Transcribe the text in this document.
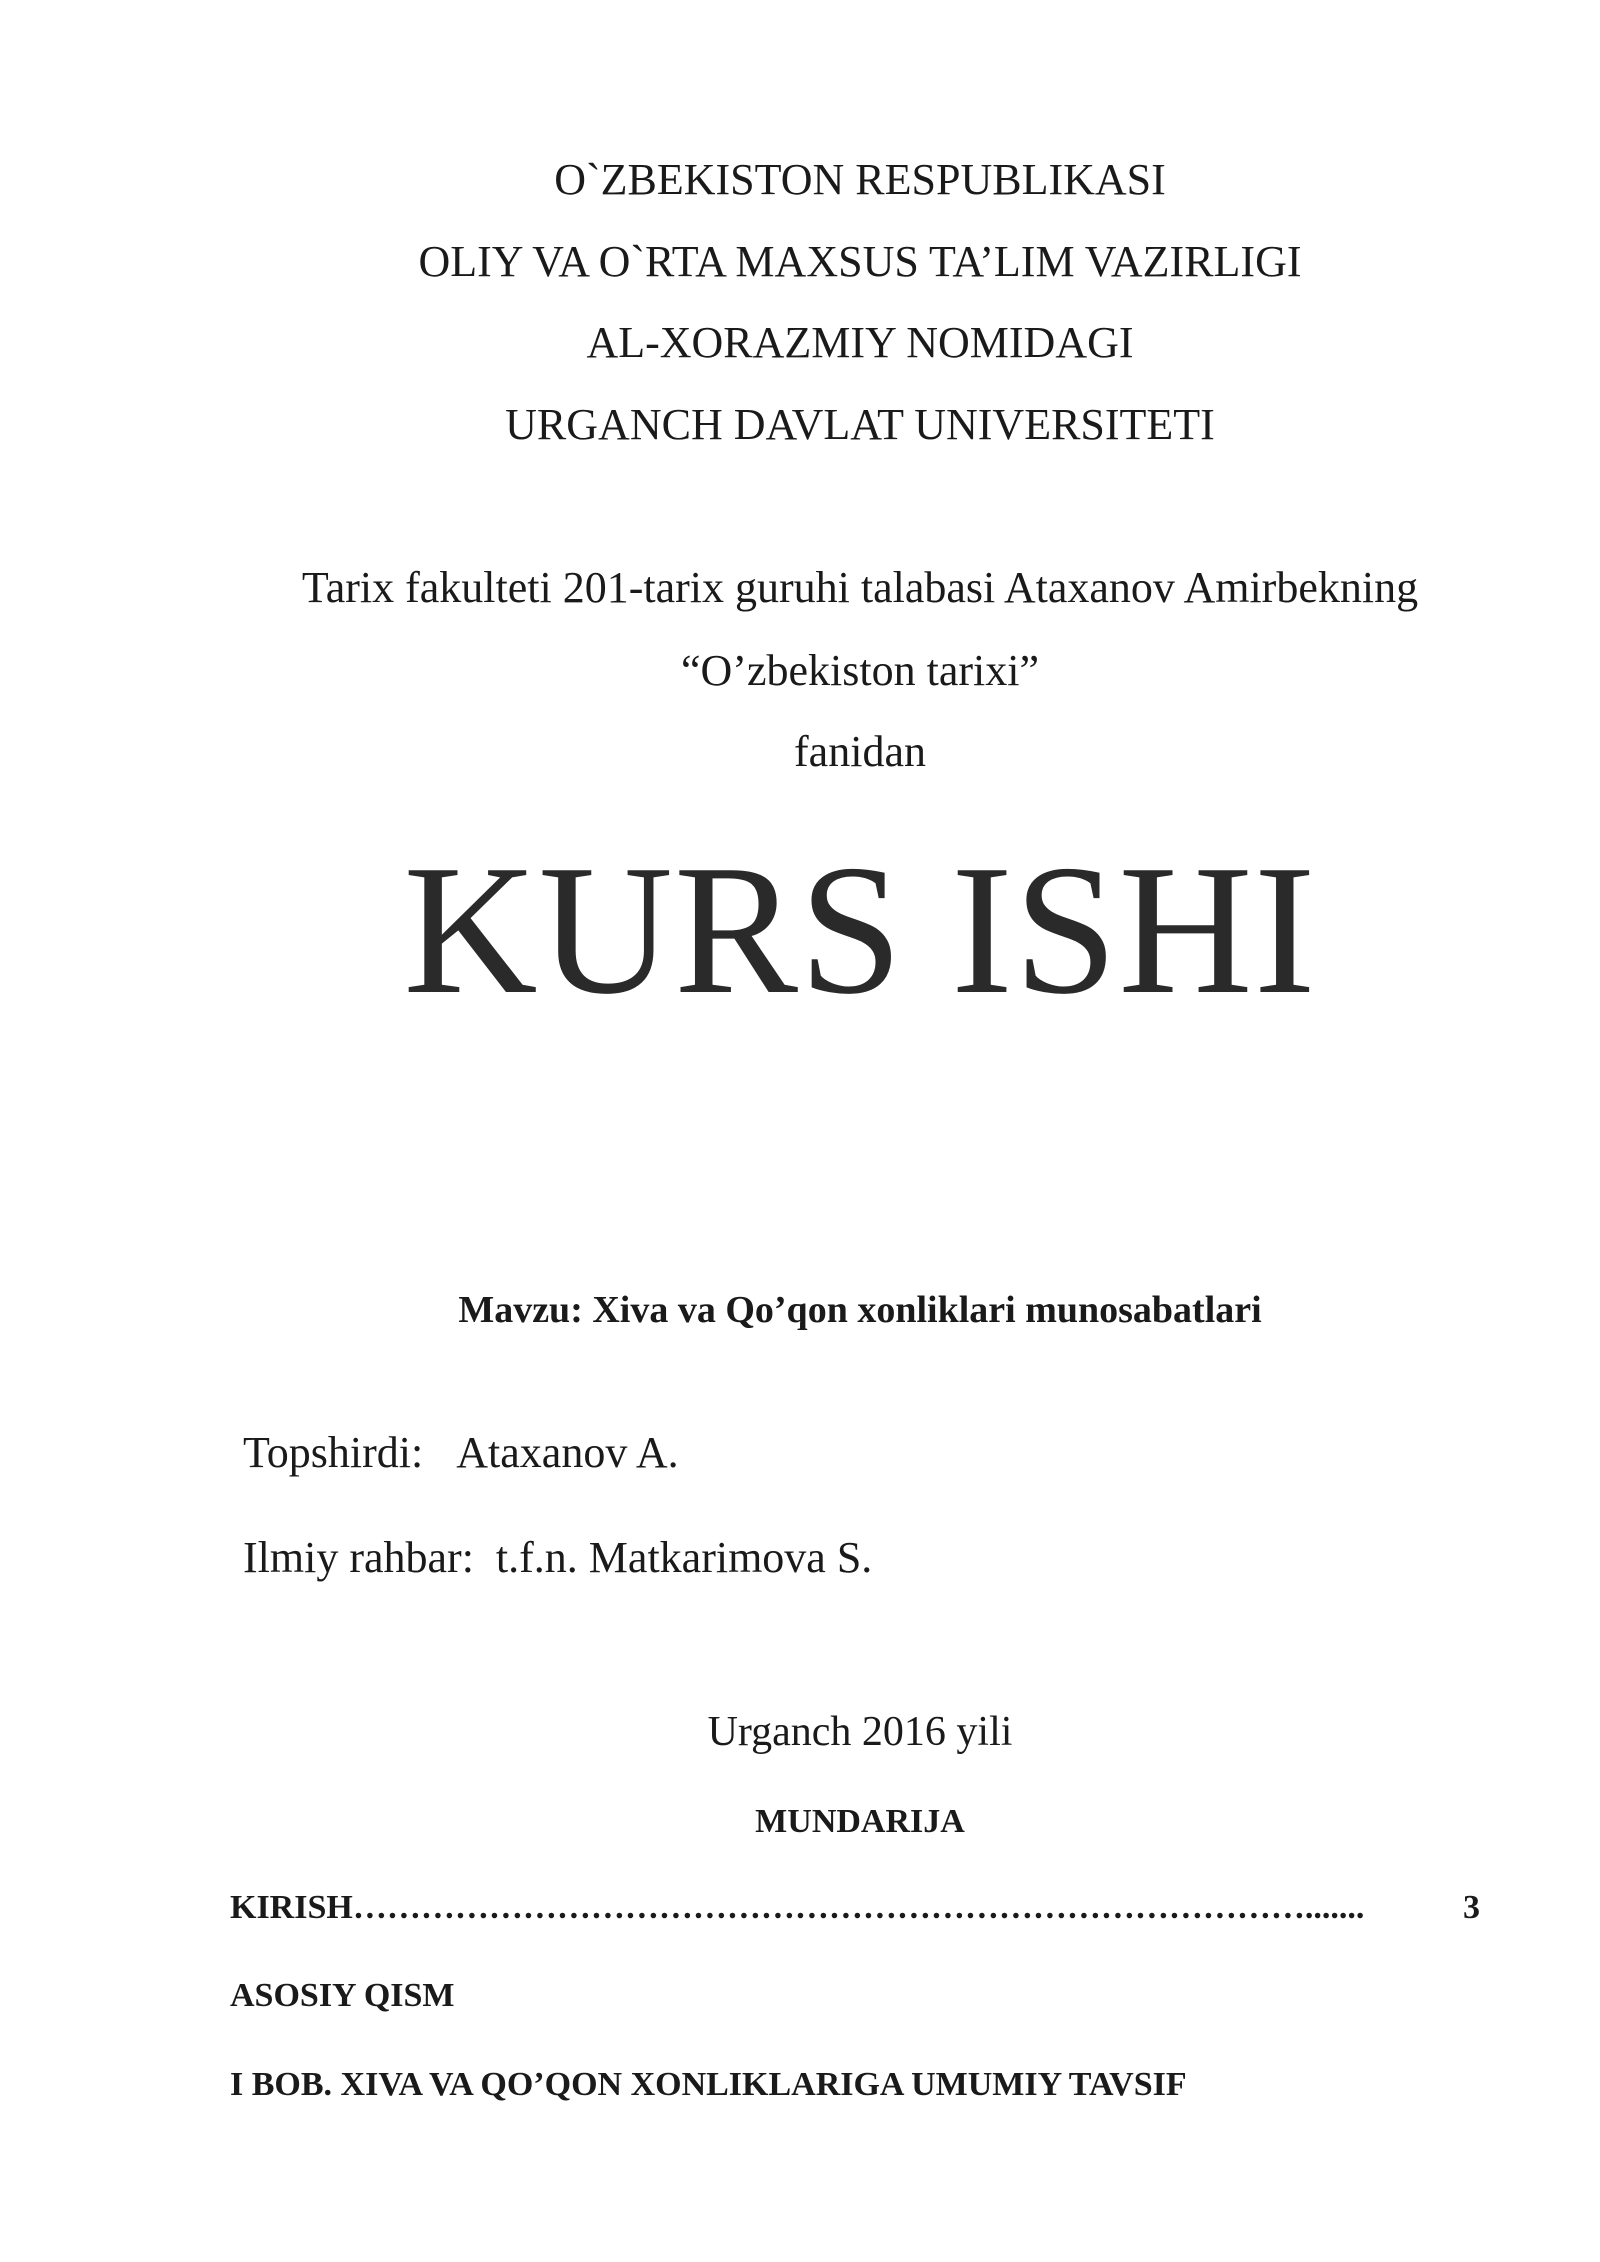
O`ZBEKISTON RESPUBLIKASI
OLIY VA O`RTA MAXSUS TA’LIM VAZIRLIGI
AL-XORAZMIY NOMIDAGI
URGANCH DAVLAT UNIVERSITETI
Tarix fakulteti 201-tarix guruhi talabasi Ataxanov Amirbekning
“O’zbekiston tarixi”
fanidan
KURS ISHI
Mavzu: Xiva va Qo’qon xonliklari munosabatlari
Topshirdi: Ataxanov A.
Ilmiy rahbar: t.f.n. Matkarimova S.
Urganch 2016 yili
MUNDARIJA
KIRISH ………………………………………………………………………….......	3
ASOSIY QISM
I BOB. XIVA VA QO’QON XONLIKLARIGA UMUMIY TAVSIF
